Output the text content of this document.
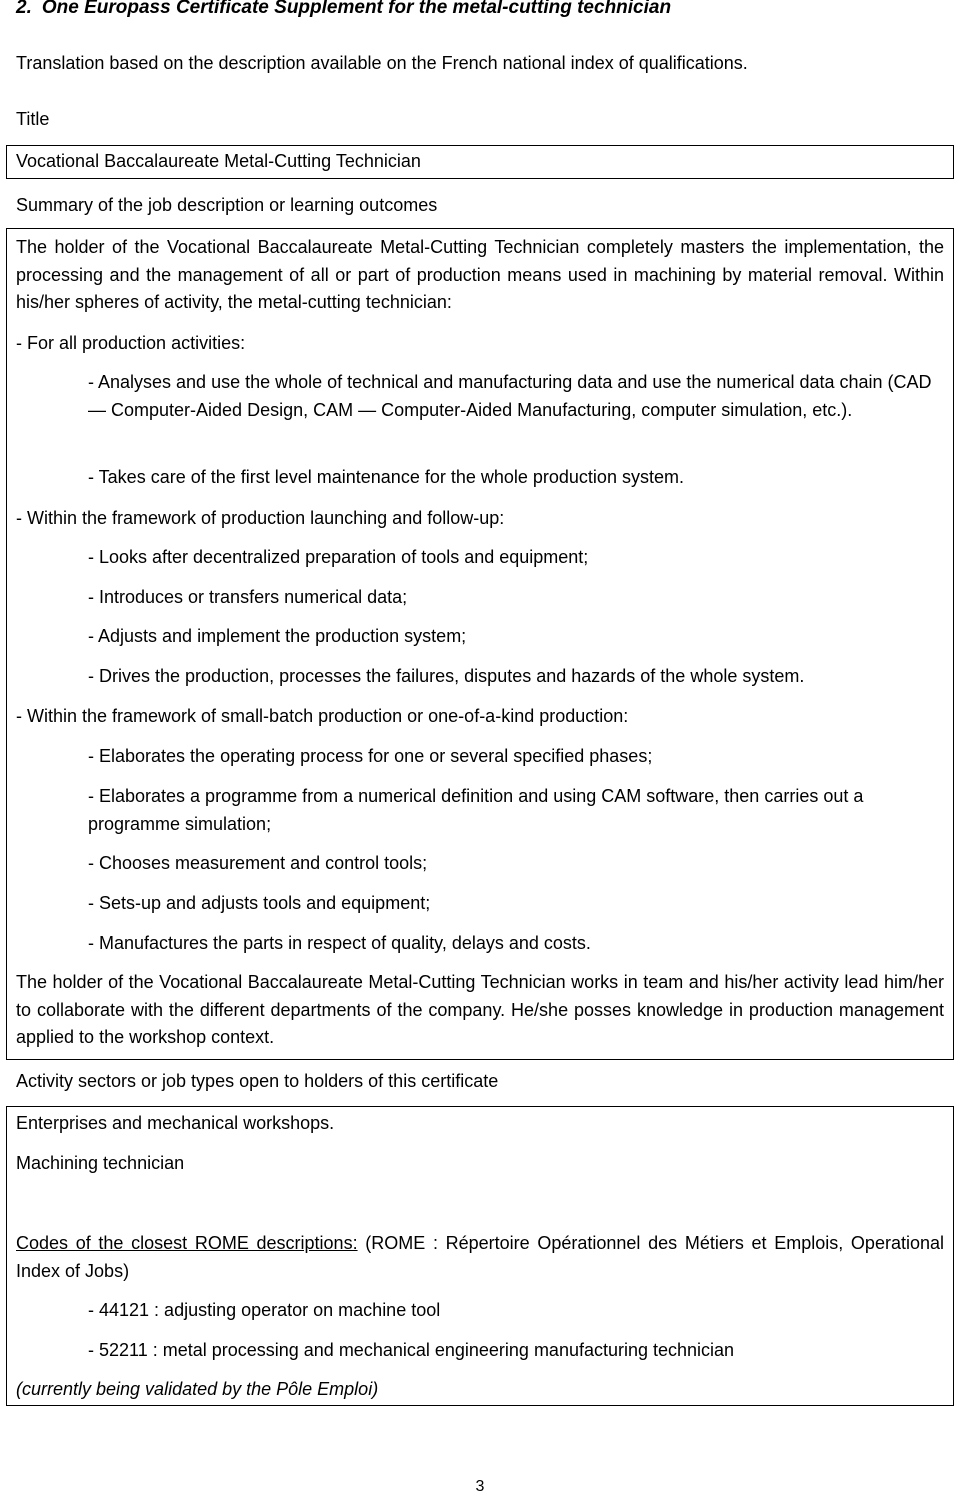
2. One Europass Certificate Supplement for the metal-cutting technician
Translation based on the description available on the French national index of qualifications.
Title
Vocational Baccalaureate Metal-Cutting Technician
Summary of the job description or learning outcomes
The holder of the Vocational Baccalaureate Metal-Cutting Technician completely masters the implementation, the processing and the management of all or part of production means used in machining by material removal. Within his/her spheres of activity, the metal-cutting technician:
- For all production activities:
- Analyses and use the whole of technical and manufacturing data and use the numerical data chain (CAD — Computer-Aided Design, CAM — Computer-Aided Manufacturing, computer simulation, etc.).
- Takes care of the first level maintenance for the whole production system.
- Within the framework of production launching and follow-up:
- Looks after decentralized preparation of tools and equipment;
- Introduces or transfers numerical data;
- Adjusts and implement the production system;
- Drives the production, processes the failures, disputes and hazards of the whole system.
- Within the framework of small-batch production or one-of-a-kind production:
- Elaborates the operating process for one or several specified phases;
- Elaborates a programme from a numerical definition and using CAM software, then carries out a programme simulation;
- Chooses measurement and control tools;
- Sets-up and adjusts tools and equipment;
- Manufactures the parts in respect of quality, delays and costs.
The holder of the Vocational Baccalaureate Metal-Cutting Technician works in team and his/her activity lead him/her to collaborate with the different departments of the company. He/she posses knowledge in production management applied to the workshop context.
Activity sectors or job types open to holders of this certificate
Enterprises and mechanical workshops.
Machining technician
Codes of the closest ROME descriptions: (ROME : Répertoire Opérationnel des Métiers et Emplois, Operational Index of Jobs)
- 44121 : adjusting operator on machine tool
- 52211 : metal processing and mechanical engineering manufacturing technician
(currently being validated by the Pôle Emploi)
3
